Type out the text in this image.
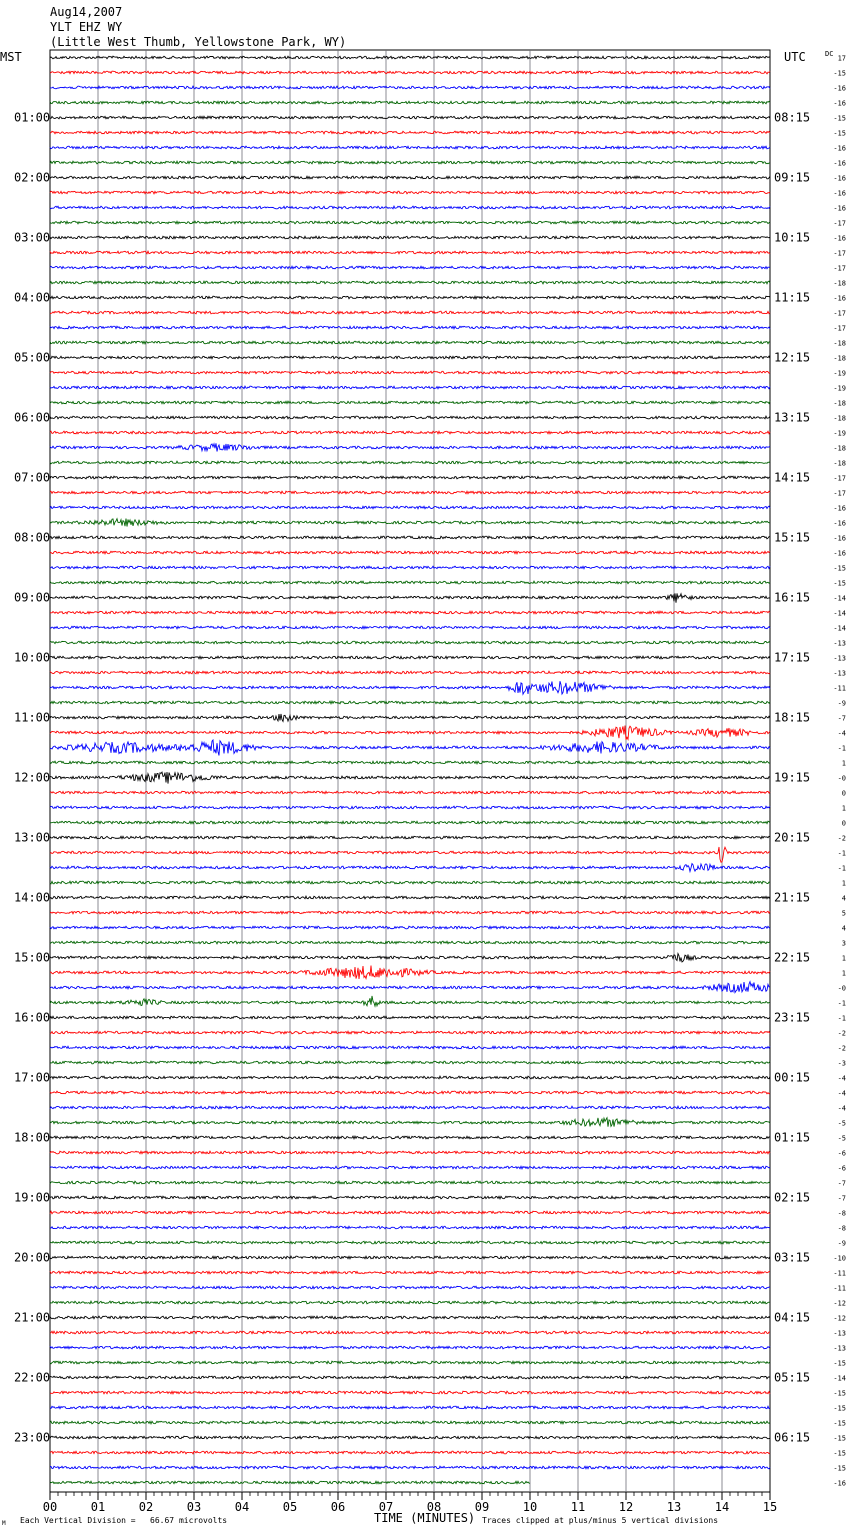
Aug14,2007
YLT EHZ WY
(Little West Thumb, Yellowstone Park, WY)
MST	UTC	DC
01:00
02:00
03:00
04:00
05:00
06:00
07:00
08:00
09:00
10:00
11:00
12:00
13:00
14:00
15:00
16:00
17:00
18:00
19:00
20:00
21:00
22:00
23:00
08:15
09:15
10:15
11:15
12:15
13:15
14:15
15:15
16:15
17:15
18:15
19:15
20:15
21:15
22:15
23:15
00:15
01:15
02:15
03:15
04:15
05:15
06:15
17
-15
-16
-16
-15
-15
-16
-16
-16
-16
-16
-17
-16
-17
-17
-18
-16
-17
-17
-18
-18
-19
-19
-18
-18
-19
-18
-18
-17
-17
-16
-16
-16
-16
-15
-15
-14
-14
-14
-13
-13
-13
-11
-9
-7
-4
-1
1
-0
0
1
0
-2
-1
-1
1
4
5
4
3
1
1
-0
-1
-1
-2
-2
-3
-4
-4
-4
-5
-5
-6
-6
-7
-7
-8
-8
-9
-10
-11
-11
-12
-12
-13
-13
-15
-14
-15
-15
-15
-15
-15
-15
-16
00	01	02	03	04	05	06	07	08	09	10	11	12	13	14	15
M Each Vertical Division =   66.67 microvolts	TIME (MINUTES) Traces clipped at plus/minus 5 vertical divisions
